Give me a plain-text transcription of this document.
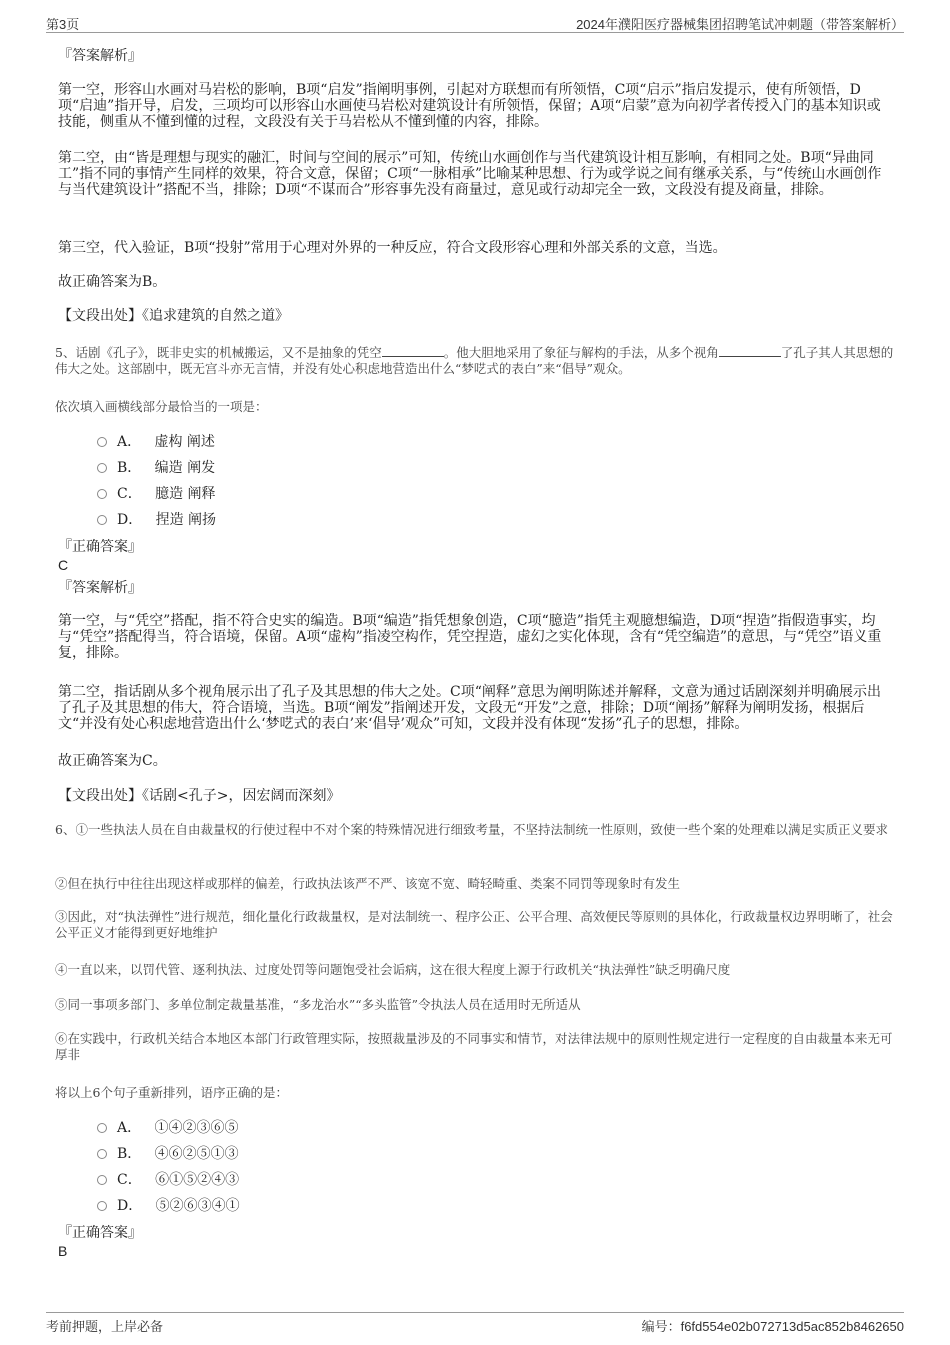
第3页	2024年濮阳医疗器械集团招聘笔试冲刺题（带答案解析）

『答案解析』

第一空，形容山水画对马岩松的影响，B项“启发”指阐明事例，引起对方联想而有所领悟，C项“启示”指启发提示，使有所领悟，D项“启迪”指开导，启发，三项均可以形容山水画使马岩松对建筑设计有所领悟，保留；A项“启蒙”意为向初学者传授入门的基本知识或技能，侧重从不懂到懂的过程，文段没有关于马岩松从不懂到懂的内容，排除。

第二空，由“皆是理想与现实的融汇，时间与空间的展示”可知，传统山水画创作与当代建筑设计相互影响，有相同之处。B项“异曲同工”指不同的事情产生同样的效果，符合文意，保留；C项“一脉相承”比喻某种思想、行为或学说之间有继承关系，与“传统山水画创作与当代建筑设计”搭配不当，排除；D项“不谋而合”形容事先没有商量过，意见或行动却完全一致，文段没有提及商量，排除。

第三空，代入验证，B项“投射”常用于心理对外界的一种反应，符合文段形容心理和外部关系的文意，当选。

故正确答案为B。

【文段出处】《追求建筑的自然之道》

5、话剧《孔子》，既非史实的机械搬运，又不是抽象的凭空	。他大胆地采用了象征与解构的手法，从多个视角	了孔子其人其思想的伟大之处。这部剧中，既无宫斗亦无言情，并没有处心积虑地营造出什么“梦呓式的表白”来“倡导”观众。

依次填入画横线部分最恰当的一项是：

A． 虚构 阐述
B． 编造 阐发
C． 臆造 阐释
D． 捏造 阐扬

『正确答案』

C

『答案解析』

第一空，与“凭空”搭配，指不符合史实的编造。B项“编造”指凭想象创造，C项“臆造”指凭主观臆想编造，D项“捏造”指假造事实，均与“凭空”搭配得当，符合语境，保留。A项“虚构”指凌空构作，凭空捏造，虚幻之实化体现，含有“凭空编造”的意思，与“凭空”语义重复，排除。

第二空，指话剧从多个视角展示出了孔子及其思想的伟大之处。C项“阐释”意思为阐明陈述并解释，文意为通过话剧深刻并明确展示出了孔子及其思想的伟大，符合语境，当选。B项“阐发”指阐述开发，文段无“开发”之意，排除；D项“阐扬”解释为阐明发扬，根据后文“并没有处心积虑地营造出什么‘梦呓式的表白’来‘倡导’观众”可知，文段并没有体现“发扬”孔子的思想，排除。

故正确答案为C。

【文段出处】《话剧<孔子>，因宏阔而深刻》

6、①一些执法人员在自由裁量权的行使过程中不对个案的特殊情况进行细致考量，不坚持法制统一性原则，致使一些个案的处理难以满足实质正义要求

②但在执行中往往出现这样或那样的偏差，行政执法该严不严、该宽不宽、畸轻畸重、类案不同罚等现象时有发生

③因此，对“执法弹性”进行规范，细化量化行政裁量权，是对法制统一、程序公正、公平合理、高效便民等原则的具体化，行政裁量权边界明晰了，社会公平正义才能得到更好地维护

④一直以来，以罚代管、逐利执法、过度处罚等问题饱受社会诟病，这在很大程度上源于行政机关“执法弹性”缺乏明确尺度

⑤同一事项多部门、多单位制定裁量基准，“多龙治水”“多头监管”令执法人员在适用时无所适从

⑥在实践中，行政机关结合本地区本部门行政管理实际，按照裁量涉及的不同事实和情节，对法律法规中的原则性规定进行一定程度的自由裁量本来无可厚非

将以上6个句子重新排列，语序正确的是：

A． ①④②③⑥⑤
B． ④⑥②⑤①③
C． ⑥①⑤②④③
D． ⑤②⑥③④①

『正确答案』

B

考前押题，上岸必备	编号：f6fd554e02b072713d5ac852b8462650
